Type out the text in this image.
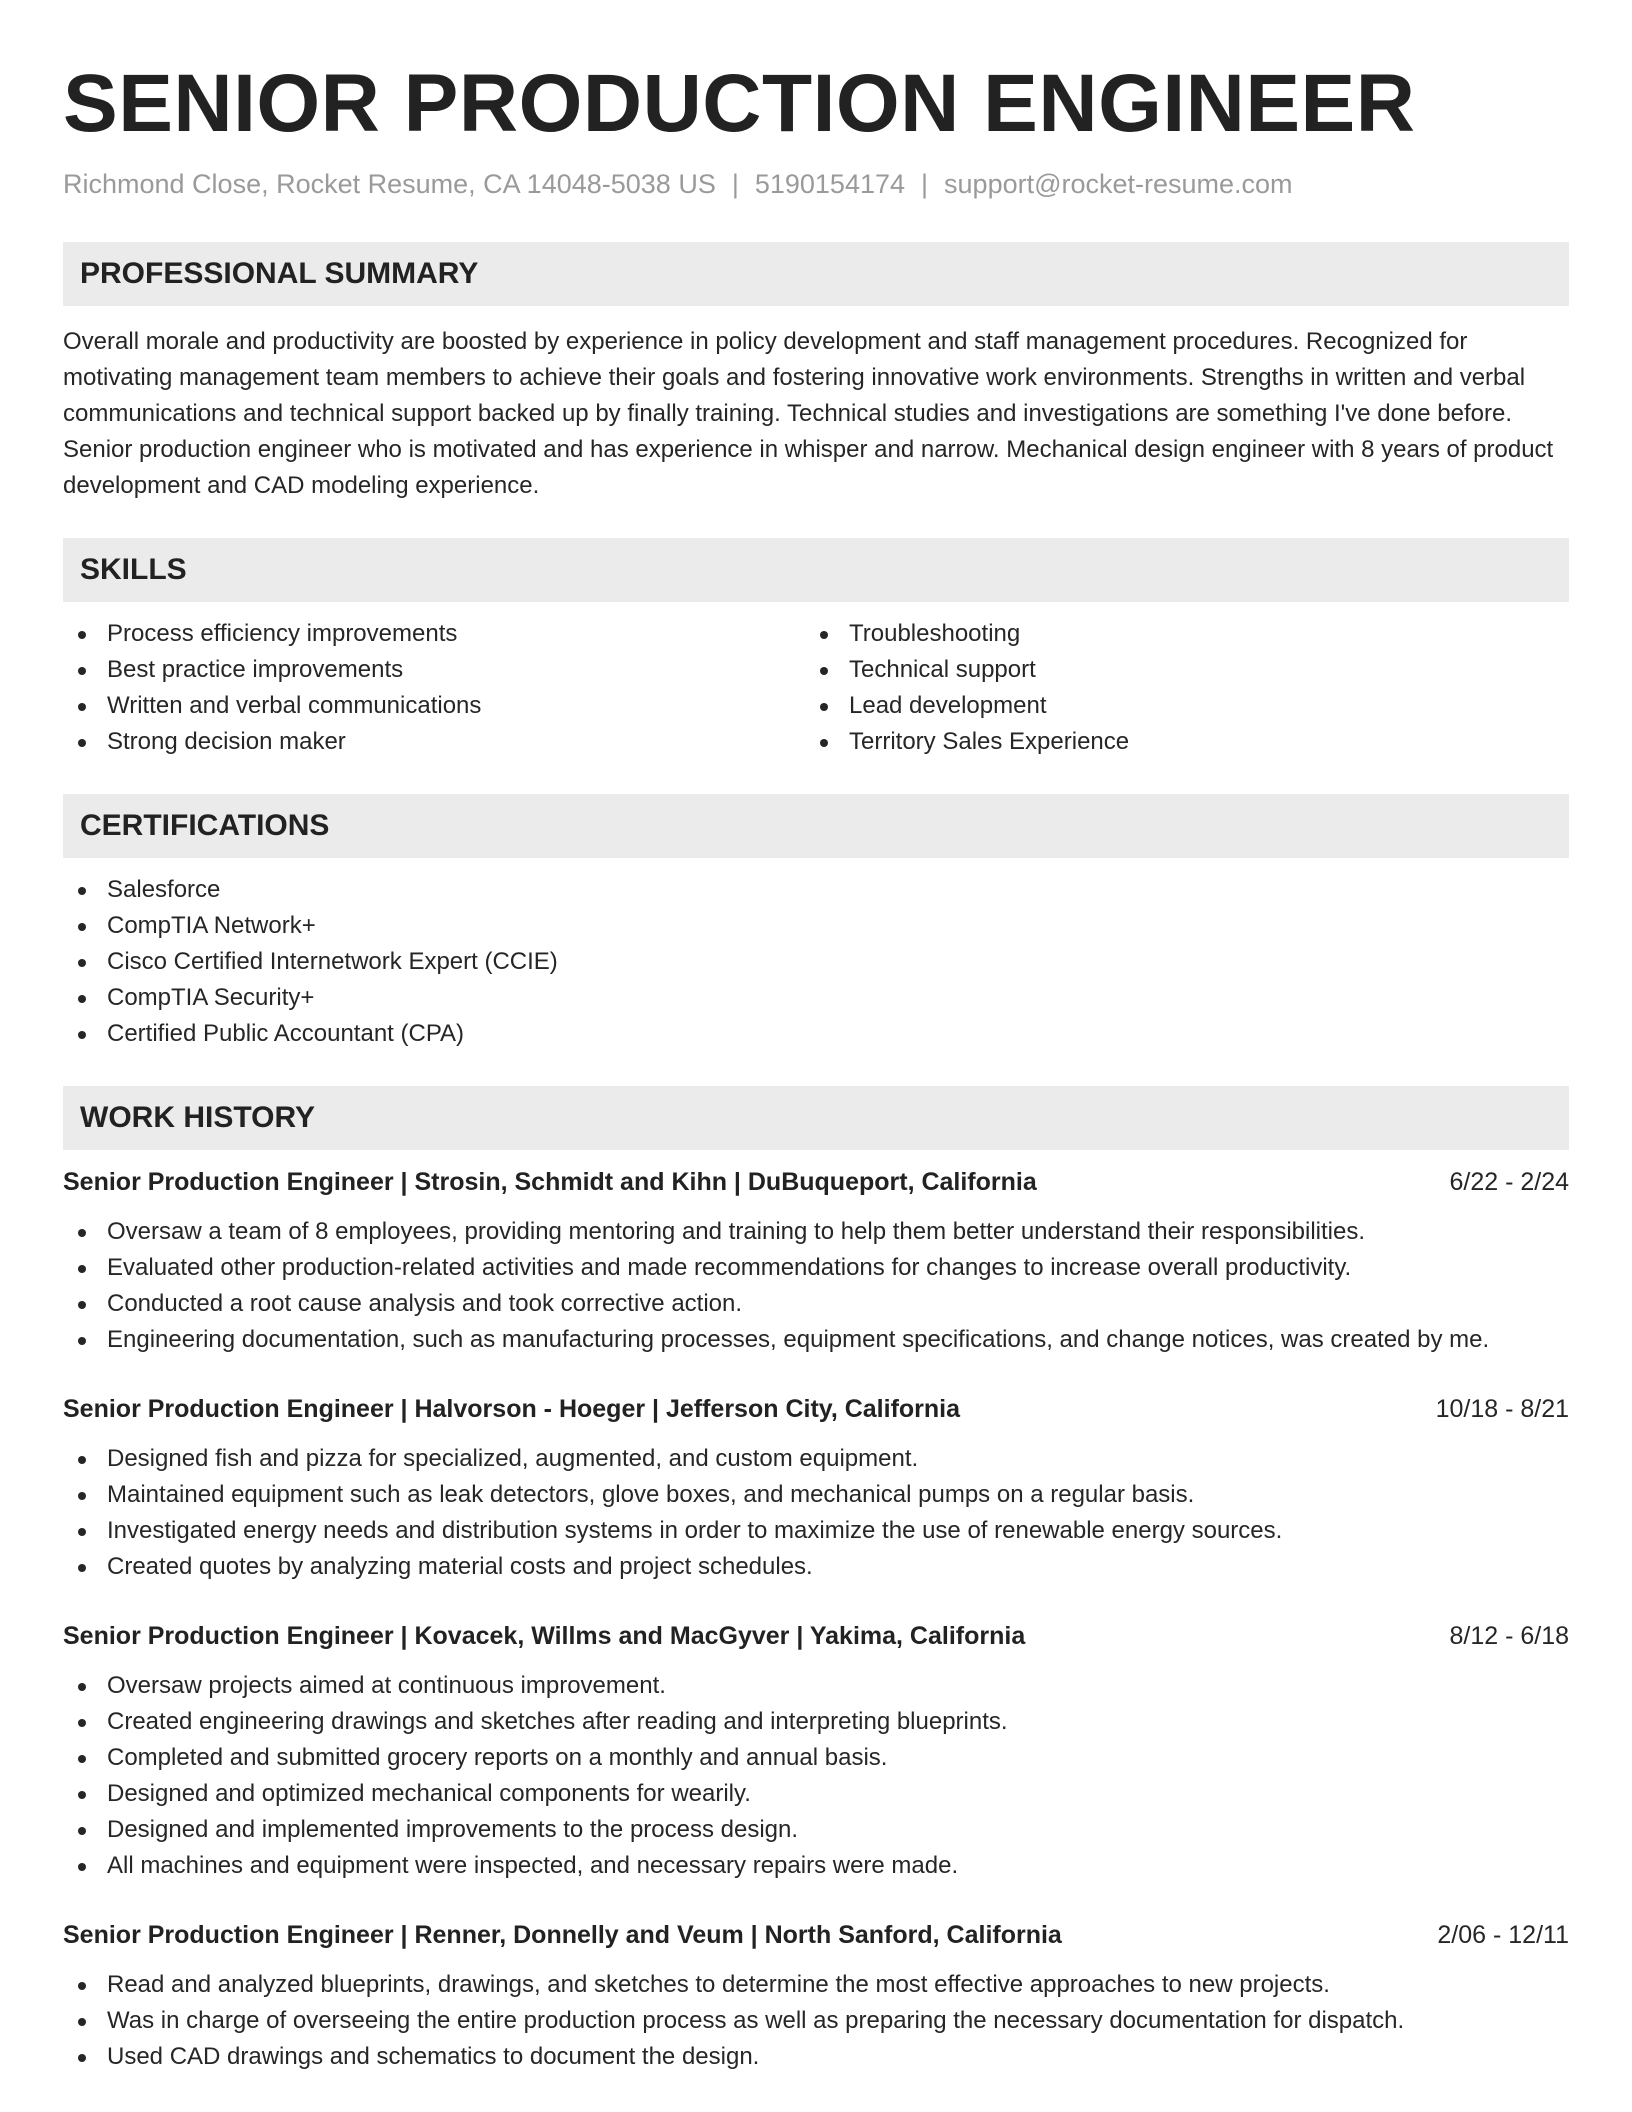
SENIOR PRODUCTION ENGINEER
Richmond Close, Rocket Resume, CA 14048-5038 US | 5190154174 | support@rocket-resume.com
PROFESSIONAL SUMMARY

Overall morale and productivity are boosted by experience in policy development and staff management procedures. Recognized for motivating management team members to achieve their goals and fostering innovative work environments. Strengths in written and verbal communications and technical support backed up by finally training. Technical studies and investigations are something I've done before. Senior production engineer who is motivated and has experience in whisper and narrow. Mechanical design engineer with 8 years of product development and CAD modeling experience.

SKILLS
Process efficiency improvements
Best practice improvements
Written and verbal communications
Strong decision maker
Troubleshooting
Technical support
Lead development
Territory Sales Experience
CERTIFICATIONS
Salesforce
CompTIA Network+
Cisco Certified Internetwork Expert (CCIE)
CompTIA Security+
Certified Public Accountant (CPA)
WORK HISTORY
Senior Production Engineer | Strosin, Schmidt and Kihn | DuBuqueport, California	6/22 - 2/24
Oversaw a team of 8 employees, providing mentoring and training to help them better understand their responsibilities.
Evaluated other production-related activities and made recommendations for changes to increase overall productivity.
Conducted a root cause analysis and took corrective action.
Engineering documentation, such as manufacturing processes, equipment specifications, and change notices, was created by me.
Senior Production Engineer | Halvorson - Hoeger | Jefferson City, California	10/18 - 8/21
Designed fish and pizza for specialized, augmented, and custom equipment.
Maintained equipment such as leak detectors, glove boxes, and mechanical pumps on a regular basis.
Investigated energy needs and distribution systems in order to maximize the use of renewable energy sources.
Created quotes by analyzing material costs and project schedules.
Senior Production Engineer | Kovacek, Willms and MacGyver | Yakima, California	8/12 - 6/18
Oversaw projects aimed at continuous improvement.
Created engineering drawings and sketches after reading and interpreting blueprints.
Completed and submitted grocery reports on a monthly and annual basis.
Designed and optimized mechanical components for wearily.
Designed and implemented improvements to the process design.
All machines and equipment were inspected, and necessary repairs were made.
Senior Production Engineer | Renner, Donnelly and Veum | North Sanford, California	2/06 - 12/11
Read and analyzed blueprints, drawings, and sketches to determine the most effective approaches to new projects.
Was in charge of overseeing the entire production process as well as preparing the necessary documentation for dispatch.
Used CAD drawings and schematics to document the design.
